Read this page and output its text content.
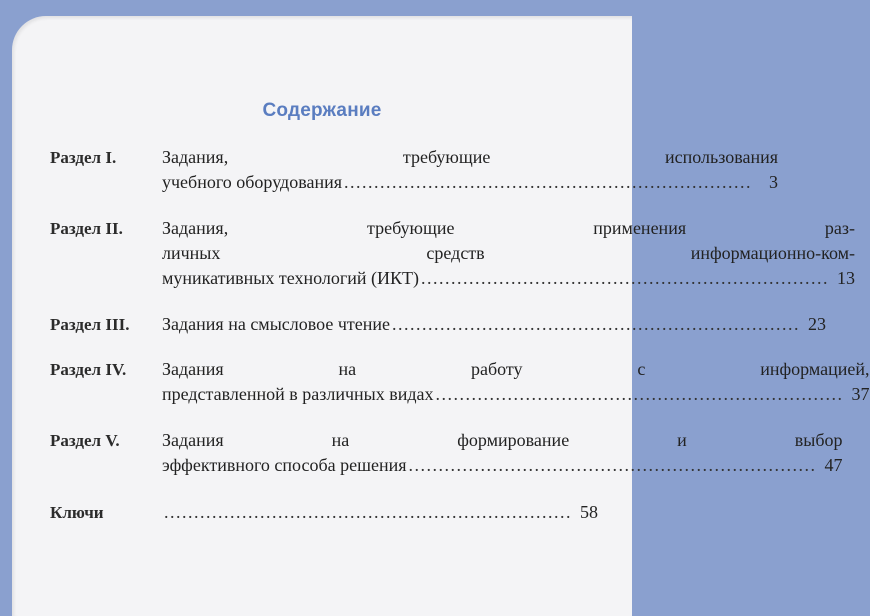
Содержание
Раздел I.	Задания, требующие использования
учебного оборудования .................................................................... 3
Раздел II.	Задания, требующие применения раз-
личных средств информационно-ком-
муникативных технологий (ИКТ) .................................................................... 13
Раздел III.	Задания на смысловое чтение .................................................................... 23
Раздел IV.	Задания на работу с информацией,
представленной в различных видах .................................................................... 37
Раздел V.	Задания на формирование и выбор
эффективного способа решения .................................................................... 47
Ключи	.................................................................... 58
